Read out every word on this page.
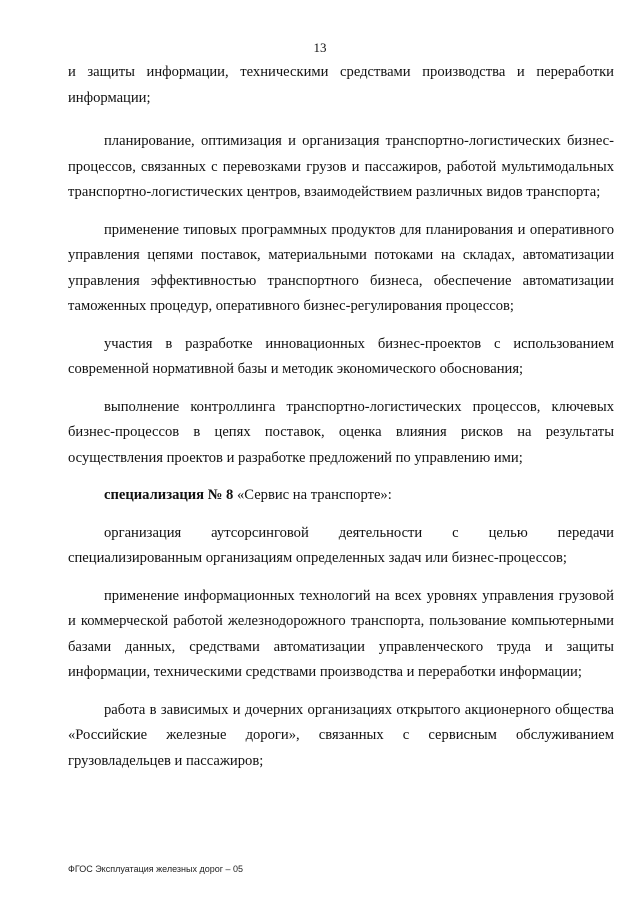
13

и защиты информации, техническими средствами производства и переработки информации;

планирование, оптимизация и организация транспортно-логистических бизнес-процессов, связанных с перевозками грузов и пассажиров, работой мультимодальных транспортно-логистических центров, взаимодействием различных видов транспорта;

применение типовых программных продуктов для планирования и оперативного управления цепями поставок, материальными потоками на складах, автоматизации управления эффективностью транспортного бизнеса, обеспечение автоматизации таможенных процедур, оперативного бизнес-регулирования процессов;

участия в разработке инновационных бизнес-проектов с использованием современной нормативной базы и методик экономического обоснования;

выполнение контроллинга транспортно-логистических процессов, ключевых бизнес-процессов в цепях поставок, оценка влияния рисков на результаты осуществления проектов и разработке предложений по управлению ими;

специализация № 8 «Сервис на транспорте»:

организация аутсорсинговой деятельности с целью передачи специализированным организациям определенных задач или бизнес-процессов;

применение информационных технологий на всех уровнях управления грузовой и коммерческой работой железнодорожного транспорта, пользование компьютерными базами данных, средствами автоматизации управленческого труда и защиты информации, техническими средствами производства и переработки информации;

работа в зависимых и дочерних организациях открытого акционерного общества «Российские железные дороги», связанных с сервисным обслуживанием грузовладельцев и пассажиров;

ФГОС Эксплуатация железных дорог – 05
